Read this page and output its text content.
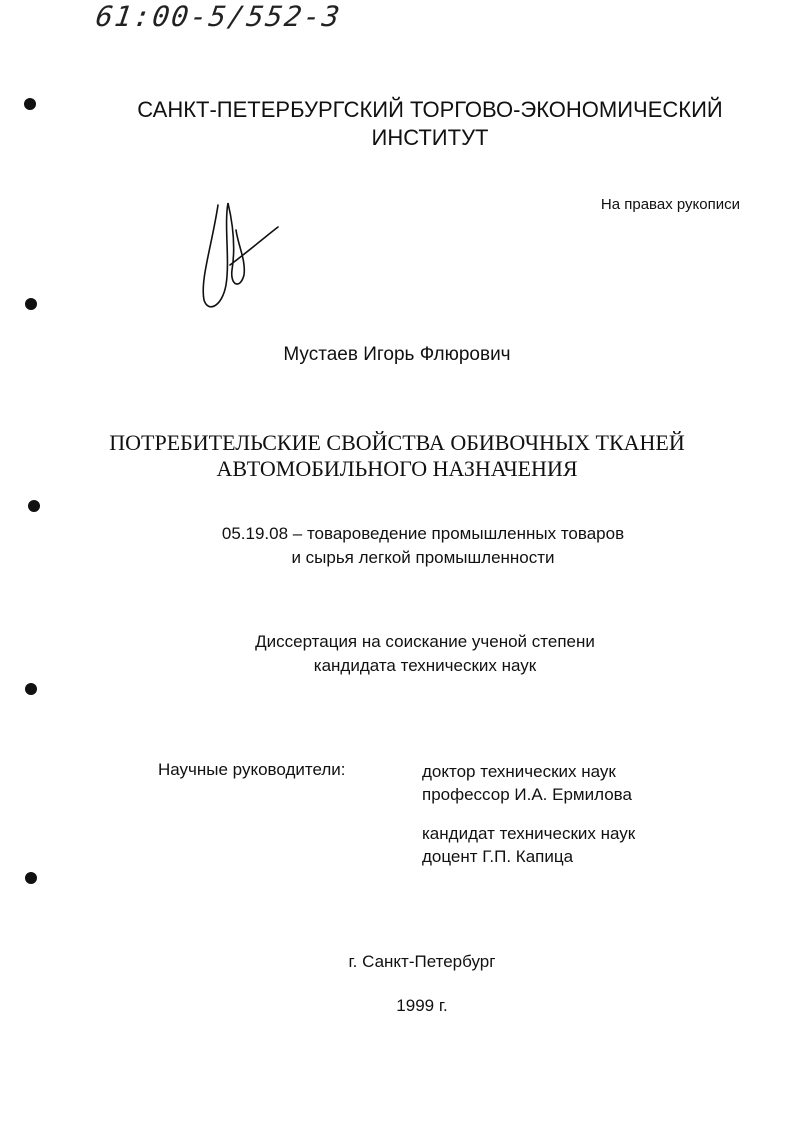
61:00-5/552-3
САНКТ-ПЕТЕРБУРГСКИЙ ТОРГОВО-ЭКОНОМИЧЕСКИЙ
ИНСТИТУТ
На правах рукописи
Мустаев Игорь Флюрович
ПОТРЕБИТЕЛЬСКИЕ СВОЙСТВА ОБИВОЧНЫХ ТКАНЕЙ
АВТОМОБИЛЬНОГО НАЗНАЧЕНИЯ
05.19.08 – товароведение промышленных товаров
и сырья легкой промышленности
Диссертация на соискание ученой степени
кандидата технических наук
Научные руководители:	доктор технических наук
профессор И.А. Ермилова
кандидат технических наук
доцент Г.П. Капица
г. Санкт-Петербург
1999 г.
